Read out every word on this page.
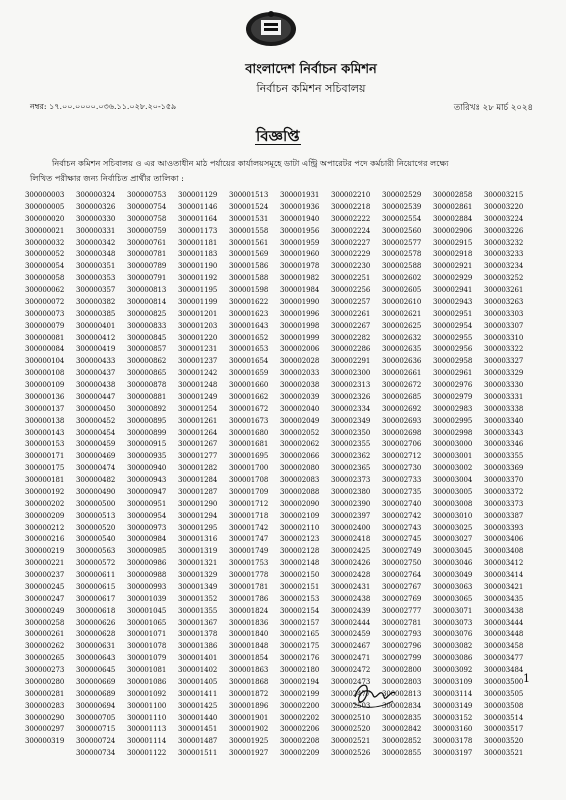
বাংলাদেশ নির্বাচন কমিশন
নির্বাচন কমিশন সচিবালয়
নম্বর: ১৭.০০.০০০০.০৩৬.১১.০২৮.২০-১৫৯	তারিখঃ ২৮ মার্চ ২০২৪
বিজ্ঞপ্তি
নির্বাচন কমিশন সচিবালয় ও এর আওতাধীন মাঠ পর্যায়ের কার্যালয়সমূহে ডাটা এন্ট্রি অপারেটর পদে কর্মচারী নিয়োগের লক্ষ্যে
লিখিত পরীক্ষার জন্য নির্বাচিত প্রার্থীর তালিকা :
300000003
300000005
300000020
300000021
300000032
300000052
300000054
300000058
300000062
300000072
300000073
300000079
300000081
300000084
300000104
300000108
300000109
300000136
300000137
300000138
300000143
300000153
300000171
300000175
300000181
300000192
300000202
300000209
300000212
300000216
300000219
300000221
300000237
300000245
300000247
300000249
300000258
300000261
300000262
300000265
300000273
300000280
300000281
300000283
300000290
300000297
300000319
300000324
300000326
300000330
300000331
300000342
300000348
300000351
300000353
300000357
300000382
300000385
300000401
300000412
300000419
300000433
300000437
300000438
300000447
300000450
300000452
300000454
300000459
300000469
300000474
300000482
300000490
300000500
300000513
300000520
300000540
300000563
300000572
300000611
300000615
300000617
300000618
300000626
300000628
300000631
300000643
300000645
300000669
300000689
300000694
300000705
300000715
300000724
300000734
300000753
300000754
300000758
300000759
300000761
300000781
300000789
300000791
300000813
300000814
300000825
300000833
300000845
300000857
300000862
300000865
300000878
300000881
300000892
300000895
300000899
300000915
300000935
300000940
300000943
300000947
300000951
300000954
300000973
300000984
300000985
300000986
300000988
300000993
300001039
300001045
300001065
300001071
300001078
300001079
300001081
300001086
300001092
300001100
300001110
300001113
300001114
300001122
300001129
300001146
300001164
300001173
300001181
300001183
300001190
300001192
300001195
300001199
300001201
300001203
300001220
300001231
300001237
300001242
300001248
300001249
300001254
300001261
300001264
300001267
300001277
300001282
300001284
300001287
300001290
300001294
300001295
300001316
300001319
300001321
300001329
300001349
300001352
300001355
300001367
300001378
300001386
300001401
300001402
300001405
300001411
300001425
300001440
300001451
300001487
300001511
300001513
300001524
300001531
300001558
300001561
300001569
300001586
300001588
300001598
300001622
300001623
300001643
300001652
300001653
300001654
300001659
300001660
300001662
300001672
300001673
300001680
300001681
300001695
300001700
300001708
300001709
300001712
300001718
300001742
300001747
300001749
300001753
300001778
300001781
300001786
300001824
300001836
300001840
300001848
300001854
300001863
300001868
300001872
300001896
300001901
300001902
300001925
300001927
300001931
300001936
300001940
300001956
300001959
300001960
300001978
300001982
300001984
300001990
300001996
300001998
300001999
300002006
300002028
300002033
300002038
300002039
300002040
300002049
300002052
300002062
300002066
300002080
300002083
300002088
300002090
300002109
300002110
300002123
300002128
300002148
300002150
300002151
300002153
300002154
300002157
300002165
300002175
300002176
300002180
300002194
300002199
300002200
300002202
300002206
300002208
300002209
300002210
300002218
300002222
300002224
300002227
300002229
300002230
300002251
300002256
300002257
300002261
300002267
300002282
300002286
300002291
300002300
300002313
300002326
300002334
300002349
300002350
300002355
300002362
300002365
300002373
300002380
300002390
300002397
300002400
300002418
300002425
300002426
300002428
300002431
300002438
300002439
300002444
300002459
300002467
300002471
300002472
300002473
300002477
300002503
300002510
300002520
300002521
300002526
300002529
300002539
300002554
300002560
300002577
300002578
300002588
300002602
300002605
300002610
300002621
300002625
300002632
300002635
300002636
300002661
300002672
300002685
300002692
300002693
300002698
300002706
300002712
300002730
300002733
300002735
300002740
300002742
300002743
300002745
300002749
300002750
300002764
300002767
300002769
300002777
300002781
300002793
300002796
300002799
300002800
300002803
300002813
300002834
300002835
300002842
300002852
300002855
300002858
300002861
300002884
300002906
300002915
300002918
300002921
300002929
300002941
300002943
300002951
300002954
300002955
300002956
300002958
300002961
300002976
300002979
300002983
300002995
300002998
300003000
300003001
300003002
300003004
300003005
300003008
300003010
300003025
300003027
300003045
300003046
300003049
300003063
300003065
300003071
300003073
300003076
300003082
300003086
300003092
300003109
300003114
300003149
300003152
300003160
300003178
300003197
300003215
300003220
300003224
300003226
300003232
300003233
300003234
300003252
300003261
300003263
300003303
300003307
300003310
300003322
300003327
300003329
300003330
300003331
300003338
300003340
300003343
300003346
300003355
300003369
300003370
300003372
300003373
300003387
300003393
300003406
300003408
300003412
300003414
300003421
300003435
300003438
300003444
300003448
300003458
300003477
300003484
300003500
300003505
300003508
300003514
300003517
300003520
300003521
1
